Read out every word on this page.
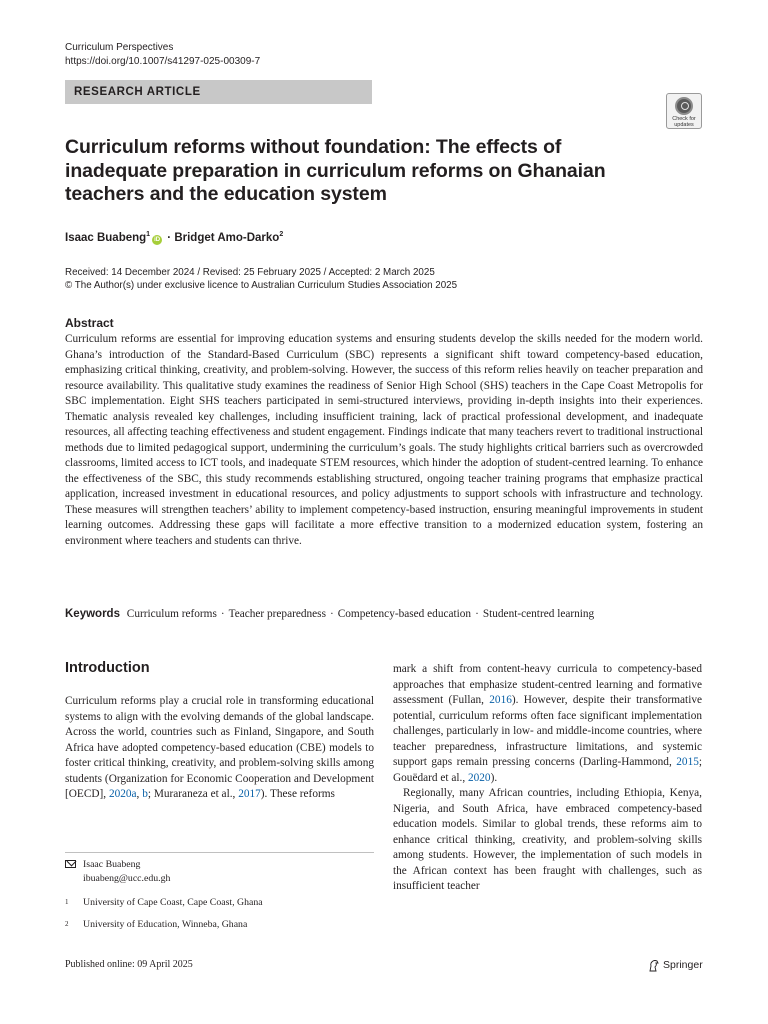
Curriculum Perspectives
https://doi.org/10.1007/s41297-025-00309-7
RESEARCH ARTICLE
Check for
updates
Curriculum reforms without foundation: The effects of inadequate preparation in curriculum reforms on Ghanaian teachers and the education system
Isaac Buabeng$^1$iD · Bridget Amo-Darko$^2$
Received: 14 December 2024 / Revised: 25 February 2025 / Accepted: 2 March 2025
© The Author(s) under exclusive licence to Australian Curriculum Studies Association 2025
Abstract

Curriculum reforms are essential for improving education systems and ensuring students develop the skills needed for the modern world. Ghana’s introduction of the Standard-Based Curriculum (SBC) represents a significant shift toward competency-based education, emphasizing critical thinking, creativity, and problem-solving. However, the success of this reform relies heavily on teacher preparation and resource availability. This qualitative study examines the readiness of Senior High School (SHS) teachers in the Cape Coast Metropolis for SBC implementation. Eight SHS teachers participated in semi-structured interviews, providing in-depth insights into their experiences. Thematic analysis revealed key challenges, including insufficient training, lack of practical professional development, and inadequate resources, all affecting teaching effectiveness and student engagement. Findings indicate that many teachers revert to traditional instructional methods due to limited pedagogical support, undermining the curriculum’s goals. The study highlights critical barriers such as overcrowded classrooms, limited access to ICT tools, and inadequate STEM resources, which hinder the adoption of student-centred learning. To enhance the effectiveness of the SBC, this study recommends establishing structured, ongoing teacher training programs that emphasize practical application, increased investment in educational resources, and policy adjustments to support schools with infrastructure and technology. These measures will strengthen teachers’ ability to implement competency-based instruction, ensuring meaningful improvements in student learning outcomes. Addressing these gaps will facilitate a more effective transition to a modernized education system, fostering an environment where teachers and students can thrive.

Keywords Curriculum reforms · Teacher preparedness · Competency-based education · Student-centred learning
Introduction

Curriculum reforms play a crucial role in transforming educational systems to align with the evolving demands of the global landscape. Across the world, countries such as Finland, Singapore, and South Africa have adopted competency-based education (CBE) models to foster critical thinking, creativity, and problem-solving skills among students (Organization for Economic Cooperation and Development [OECD], 2020a, b; Muraraneza et al., 2017). These reforms

mark a shift from content-heavy curricula to competency-based approaches that emphasize student-centred learning and formative assessment (Fullan, 2016). However, despite their transformative potential, curriculum reforms often face significant implementation challenges, particularly in low- and middle-income countries, where teacher preparedness, infrastructure limitations, and systemic support gaps remain pressing concerns (Darling-Hammond, 2015; Gouëdard et al., 2020).

Regionally, many African countries, including Ethiopia, Kenya, Nigeria, and South Africa, have embraced competency-based education models. Similar to global trends, these reforms aim to enhance critical thinking, creativity, and problem-solving skills among students. However, the implementation of such models in the African context has been fraught with challenges, such as insufficient teacher

Isaac Buabeng
ibuabeng@ucc.edu.gh
$^1$	University of Cape Coast, Cape Coast, Ghana
$^2$	University of Education, Winneba, Ghana
Published online: 09 April 2025	Springer
